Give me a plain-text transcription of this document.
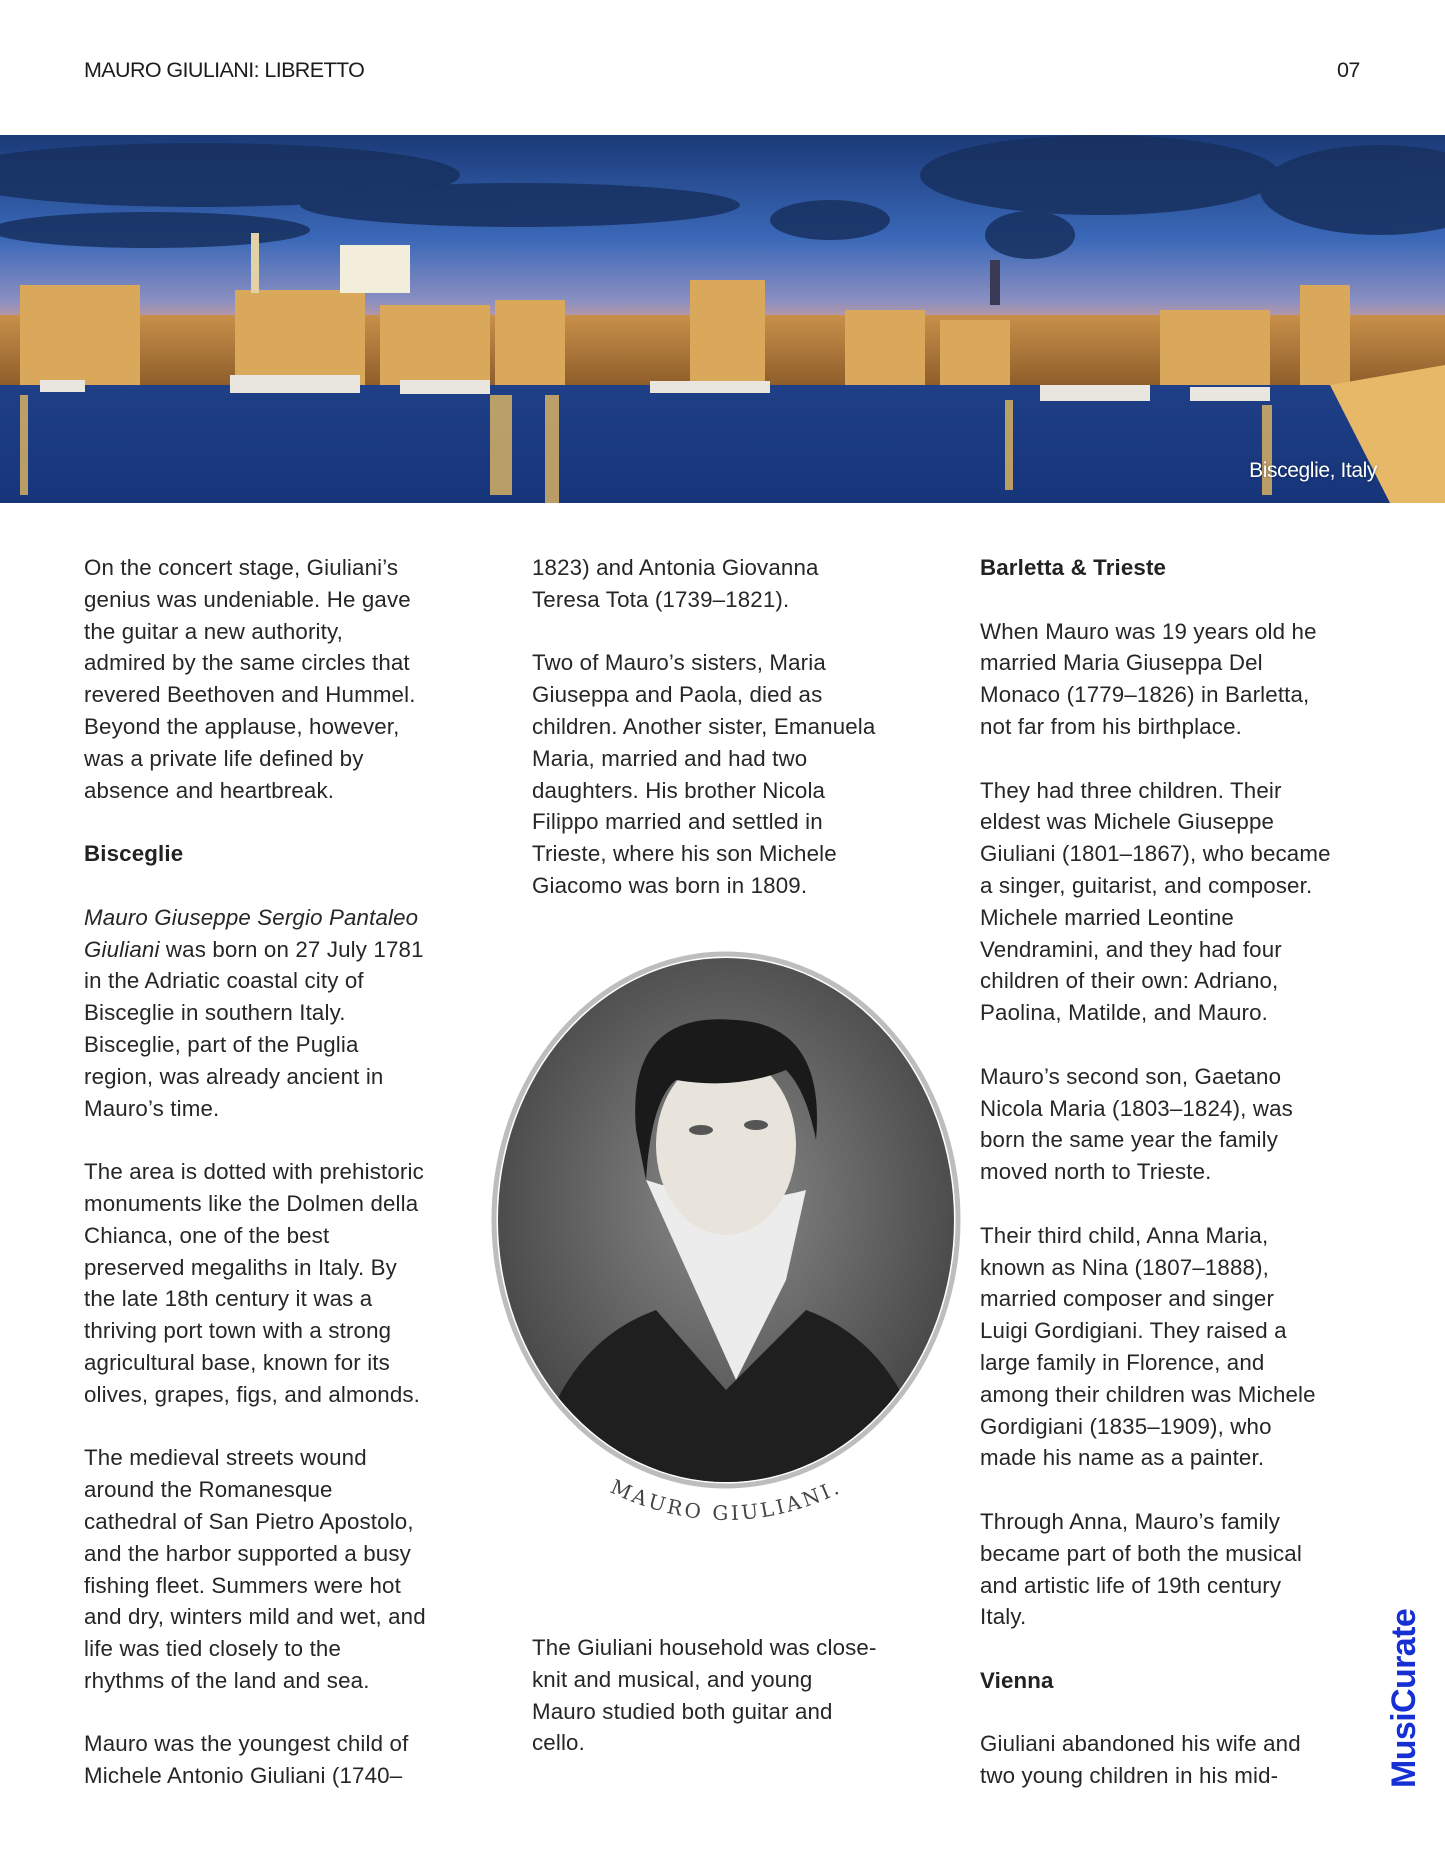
MAURO GIULIANI: LIBRETTO	07
Bisceglie, Italy

On the concert stage, Giuliani’s
genius was undeniable. He gave
the guitar a new authority,
admired by the same circles that
revered Beethoven and Hummel.
Beyond the applause, however,
was a private life defined by
absence and heartbreak.

Bisceglie

Mauro Giuseppe Sergio Pantaleo
Giuliani was born on 27 July 1781
in the Adriatic coastal city of
Bisceglie in southern Italy.
Bisceglie, part of the Puglia
region, was already ancient in
Mauro’s time.

The area is dotted with prehistoric
monuments like the Dolmen della
Chianca, one of the best
preserved megaliths in Italy. By
the late 18th century it was a
thriving port town with a strong
agricultural base, known for its
olives, grapes, figs, and almonds.

The medieval streets wound
around the Romanesque
cathedral of San Pietro Apostolo,
and the harbor supported a busy
fishing fleet. Summers were hot
and dry, winters mild and wet, and
life was tied closely to the
rhythms of the land and sea.

Mauro was the youngest child of
Michele Antonio Giuliani (1740–

1823) and Antonia Giovanna
Teresa Tota (1739–1821).

Two of Mauro’s sisters, Maria
Giuseppa and Paola, died as
children. Another sister, Emanuela
Maria, married and had two
daughters. His brother Nicola
Filippo married and settled in
Trieste, where his son Michele
Giacomo was born in 1809.

MAURO GIULIANI.

The Giuliani household was close-
knit and musical, and young
Mauro studied both guitar and
cello.

Barletta & Trieste

When Mauro was 19 years old he
married Maria Giuseppa Del
Monaco (1779–1826) in Barletta,
not far from his birthplace.

They had three children. Their
eldest was Michele Giuseppe
Giuliani (1801–1867), who became
a singer, guitarist, and composer.
Michele married Leontine
Vendramini, and they had four
children of their own: Adriano,
Paolina, Matilde, and Mauro.

Mauro’s second son, Gaetano
Nicola Maria (1803–1824), was
born the same year the family
moved north to Trieste.

Their third child, Anna Maria,
known as Nina (1807–1888),
married composer and singer
Luigi Gordigiani. They raised a
large family in Florence, and
among their children was Michele
Gordigiani (1835–1909), who
made his name as a painter.

Through Anna, Mauro’s family
became part of both the musical
and artistic life of 19th century
Italy.

Vienna

Giuliani abandoned his wife and
two young children in his mid-	MusiCurate
